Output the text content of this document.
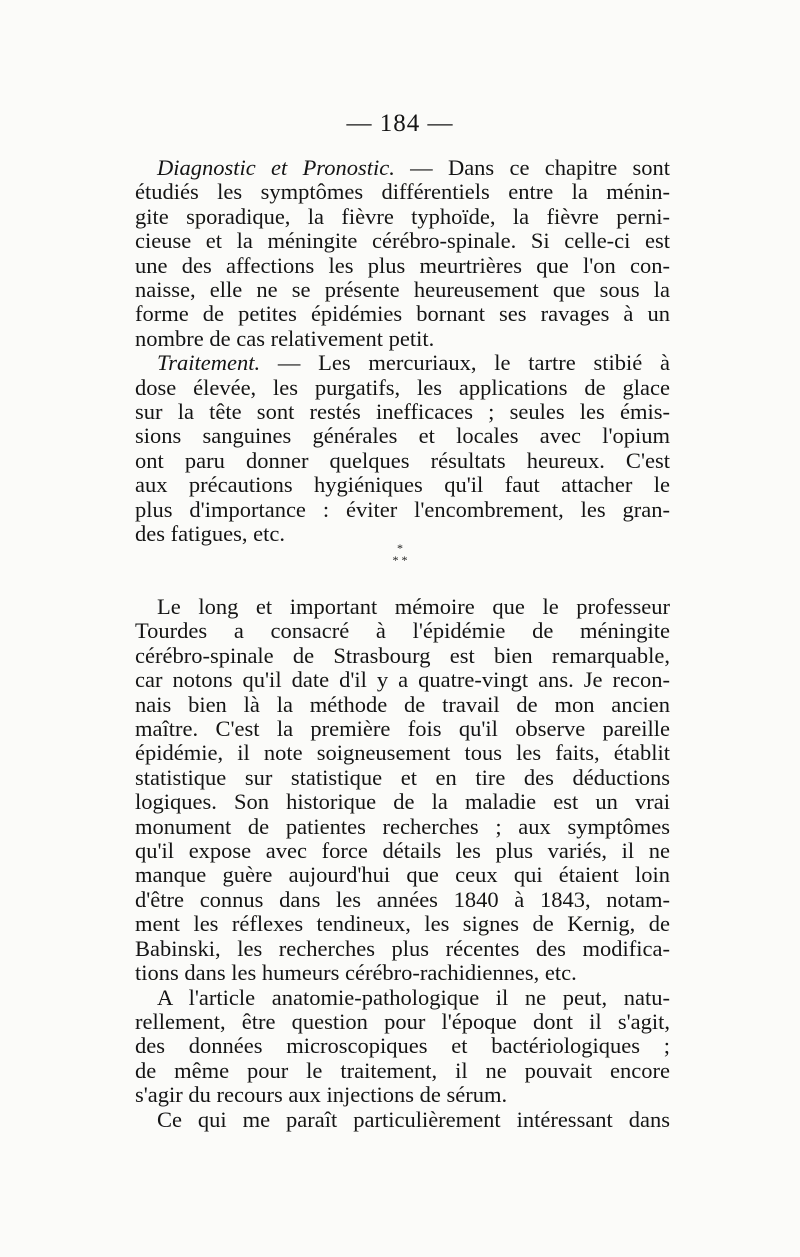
— 184 —
Diagnostic et Pronostic. — Dans ce chapitre sont
étudiés les symptômes différentiels entre la ménin-
gite sporadique, la fièvre typhoïde, la fièvre perni-
cieuse et la méningite cérébro-spinale. Si celle-ci est
une des affections les plus meurtrières que l'on con-
naisse, elle ne se présente heureusement que sous la
forme de petites épidémies bornant ses ravages à un
nombre de cas relativement petit.
Traitement. — Les mercuriaux, le tartre stibié à
dose élevée, les purgatifs, les applications de glace
sur la tête sont restés inefficaces ; seules les émis-
sions sanguines générales et locales avec l'opium
ont paru donner quelques résultats heureux. C'est
aux précautions hygiéniques qu'il faut attacher le
plus d'importance : éviter l'encombrement, les gran-
des fatigues, etc.
*
* *
Le long et important mémoire que le professeur
Tourdes a consacré à l'épidémie de méningite
cérébro-spinale de Strasbourg est bien remarquable,
car notons qu'il date d'il y a quatre-vingt ans. Je recon-
nais bien là la méthode de travail de mon ancien
maître. C'est la première fois qu'il observe pareille
épidémie, il note soigneusement tous les faits, établit
statistique sur statistique et en tire des déductions
logiques. Son historique de la maladie est un vrai
monument de patientes recherches ; aux symptômes
qu'il expose avec force détails les plus variés, il ne
manque guère aujourd'hui que ceux qui étaient loin
d'être connus dans les années 1840 à 1843, notam-
ment les réflexes tendineux, les signes de Kernig, de
Babinski, les recherches plus récentes des modifica-
tions dans les humeurs cérébro-rachidiennes, etc.
A l'article anatomie-pathologique il ne peut, natu-
rellement, être question pour l'époque dont il s'agit,
des données microscopiques et bactériologiques ;
de même pour le traitement, il ne pouvait encore
s'agir du recours aux injections de sérum.
Ce qui me paraît particulièrement intéressant dans
